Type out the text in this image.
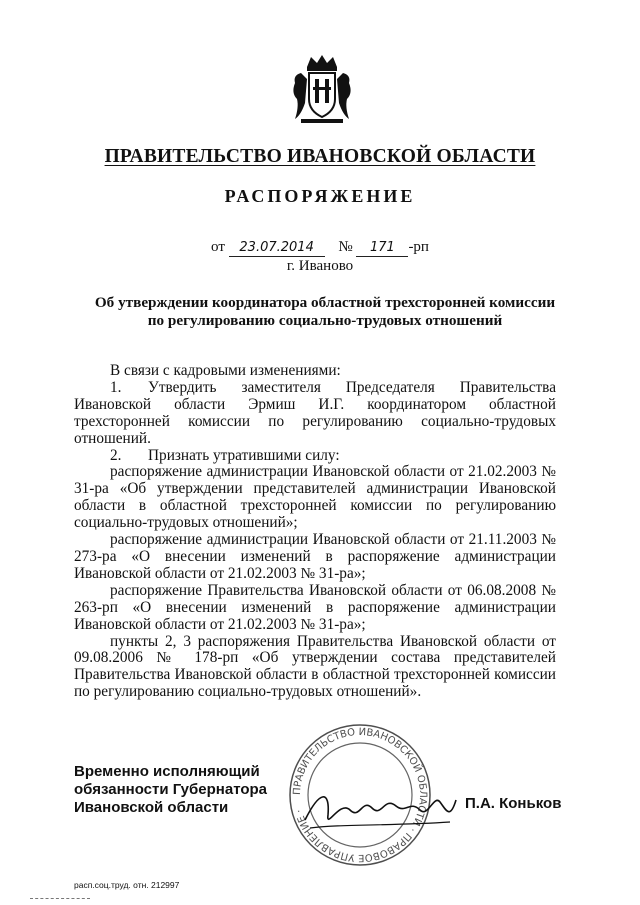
ПРАВИТЕЛЬСТВО ИВАНОВСКОЙ ОБЛАСТИ
РАСПОРЯЖЕНИЕ
от 23.07.2014 № 171 -рп
г. Иваново
Об утверждении координатора областной трехсторонней комиссии
по регулированию социально-трудовых отношений

В связи с кадровыми изменениями:

1. Утвердить заместителя Председателя Правительства Ивановской области Эрмиш И.Г. координатором областной трехсторонней комиссии по регулированию социально-трудовых отношений.

2. Признать утратившими силу:

распоряжение администрации Ивановской области от 21.02.2003 № 31-ра «Об утверждении представителей администрации Ивановской области в областной трехсторонней комиссии по регулированию социально-трудовых отношений»;

распоряжение администрации Ивановской области от 21.11.2003 № 273-ра «О внесении изменений в распоряжение администрации Ивановской области от 21.02.2003 № 31-ра»;

распоряжение Правительства Ивановской области от 06.08.2008 № 263-рп «О внесении изменений в распоряжение администрации Ивановской области от 21.02.2003 № 31-ра»;

пункты 2, 3 распоряжения Правительства Ивановской области от 09.08.2006 № 178-рп «Об утверждении состава представителей Правительства Ивановской области в областной трехсторонней комиссии по регулированию социально-трудовых отношений».

Временно исполняющий
обязанности Губернатора
Ивановской области
ПРАВИТЕЛЬСТВО ИВАНОВСКОЙ ОБЛАСТИ · ПРАВОВОЕ УПРАВЛЕНИЕ ·	П.А. Коньков
расп.соц.труд. отн. 212997
